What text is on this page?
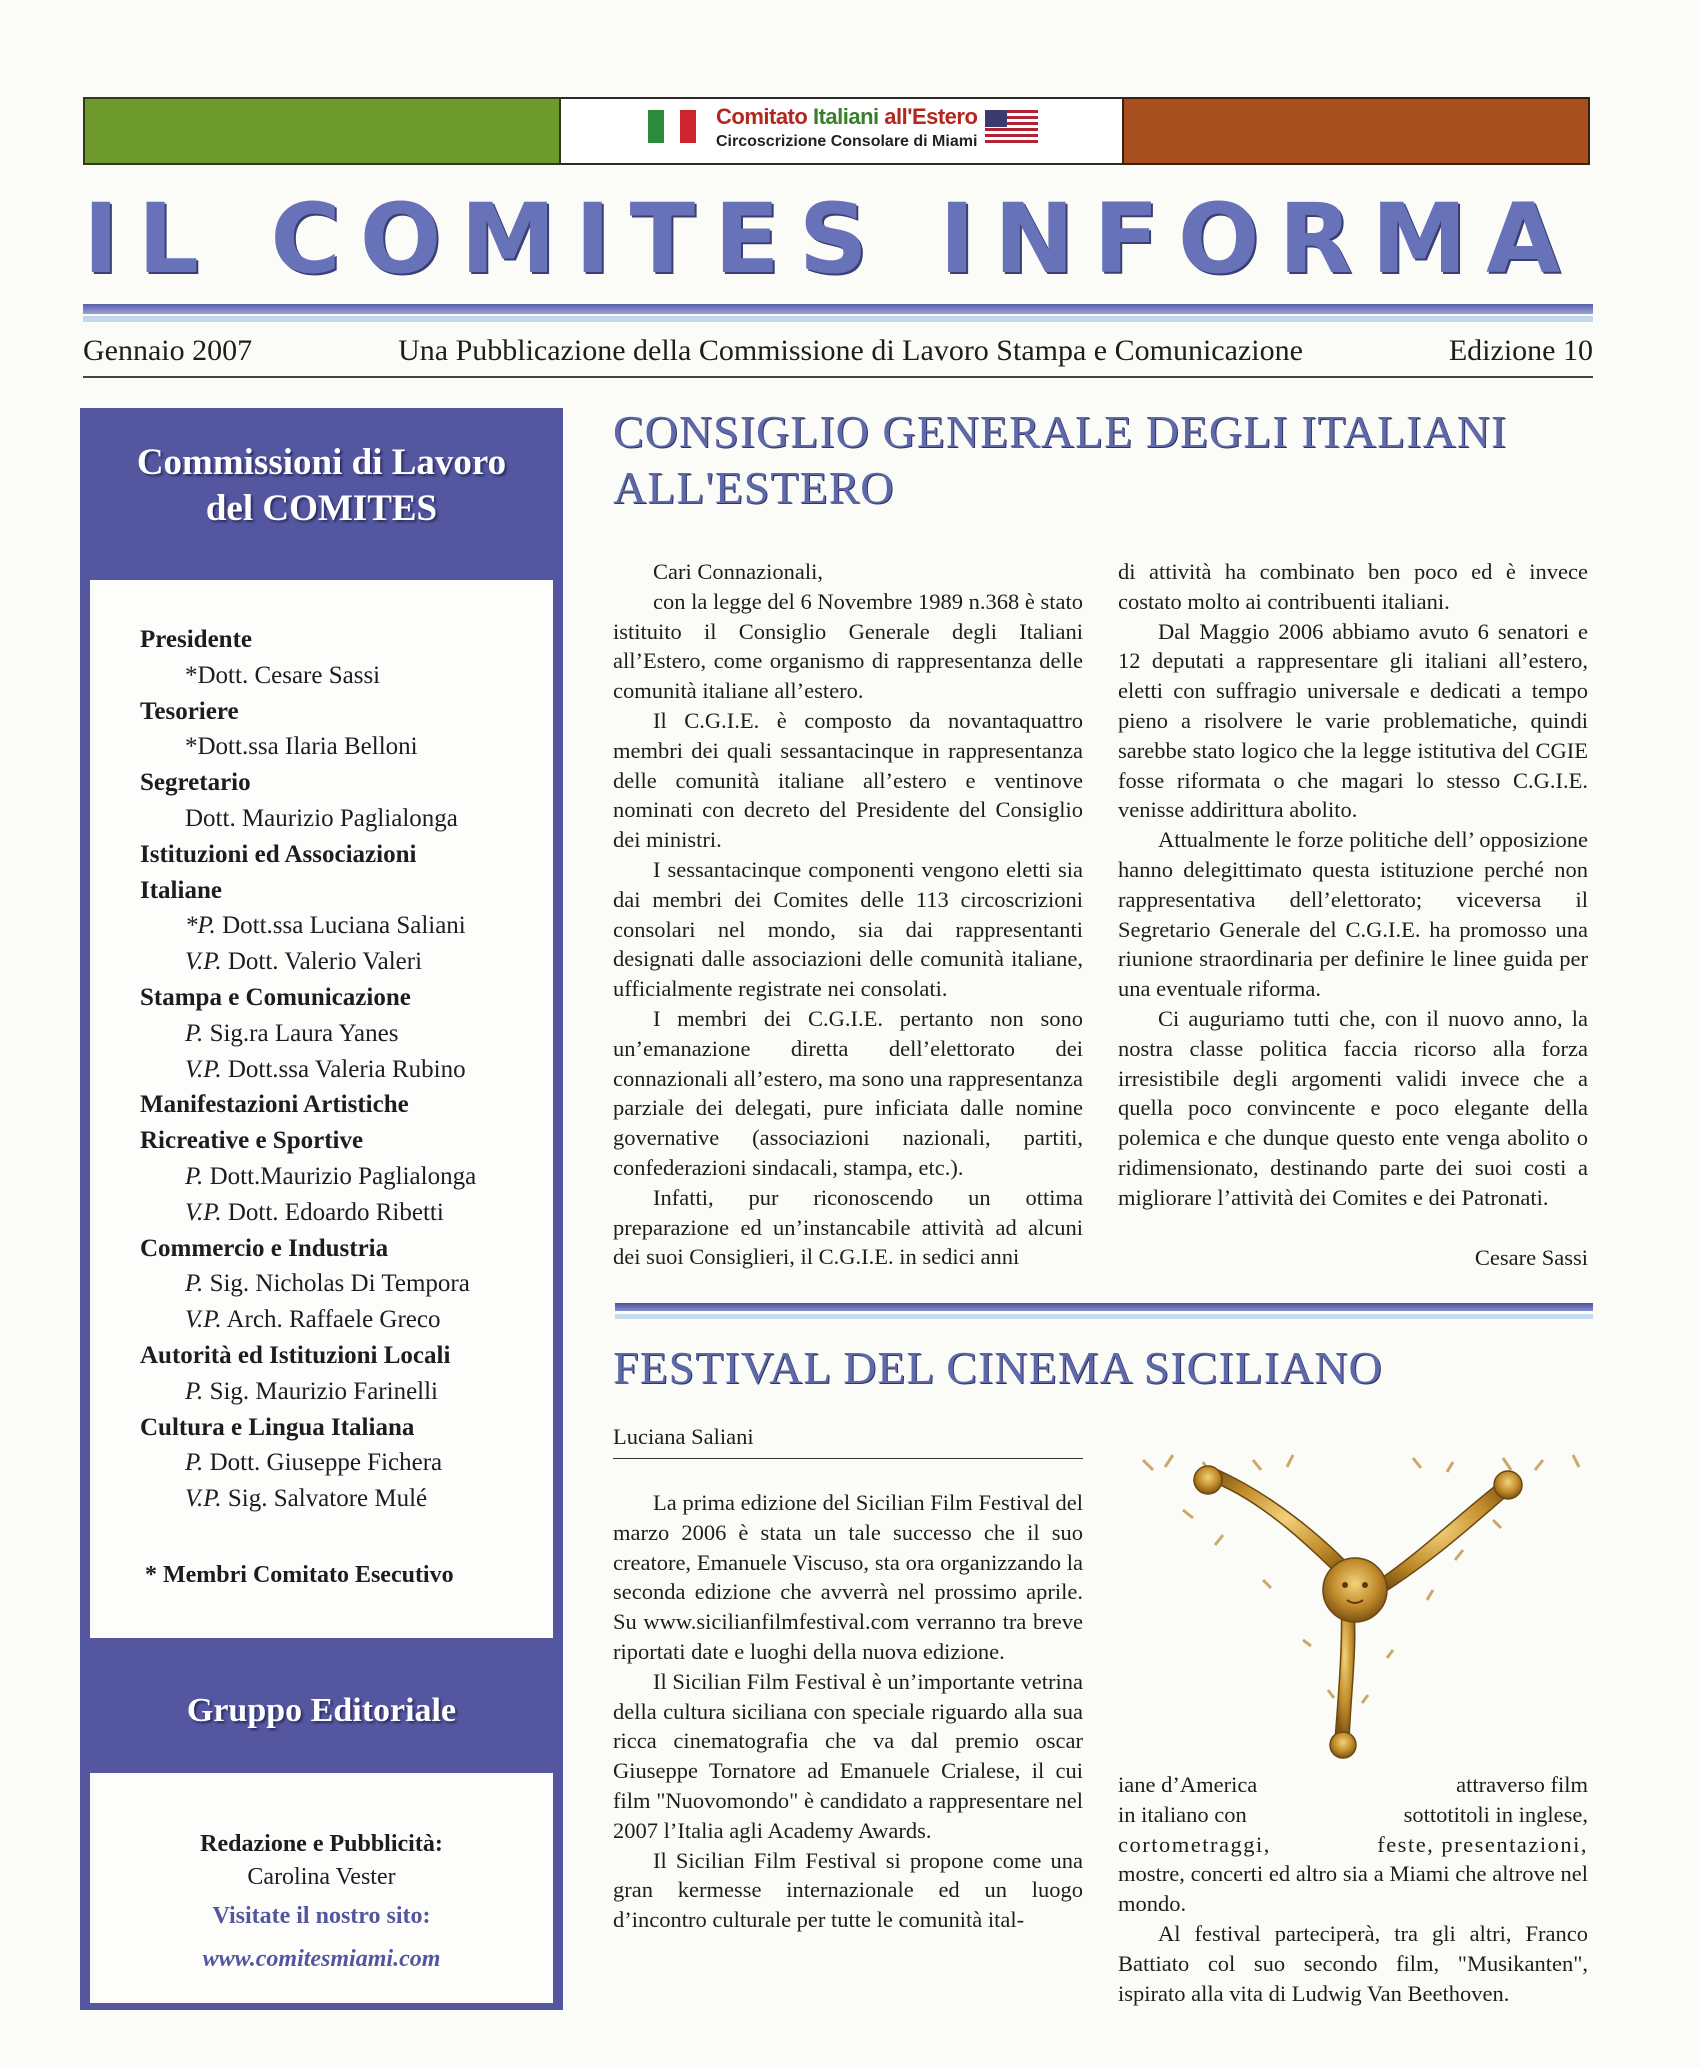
Comitato Italiani all'Estero
Circoscrizione Consolare di Miami
IL COMITES INFORMA
Gennaio 2007	Una Pubblicazione della Commissione di Lavoro Stampa e Comunicazione	Edizione 10
Commissioni di Lavoro
del COMITES
Presidente
*Dott. Cesare Sassi
Tesoriere
*Dott.ssa Ilaria Belloni
Segretario
Dott. Maurizio Paglialonga
Istituzioni ed Associazioni Italiane
*P. Dott.ssa Luciana Saliani
V.P. Dott. Valerio Valeri
Stampa e Comunicazione
P. Sig.ra Laura Yanes
V.P. Dott.ssa Valeria Rubino
Manifestazioni Artistiche Ricreative e Sportive
P. Dott.Maurizio Paglialonga
V.P. Dott. Edoardo Ribetti
Commercio e Industria
P. Sig. Nicholas Di Tempora
V.P. Arch. Raffaele Greco
Autorità ed Istituzioni Locali
P. Sig. Maurizio Farinelli
Cultura e Lingua Italiana
P. Dott. Giuseppe Fichera
V.P. Sig. Salvatore Mulé
* Membri Comitato Esecutivo
Gruppo Editoriale
Redazione e Pubblicità:
Carolina Vester
Visitate il nostro sito:
www.comitesmiami.com
CONSIGLIO GENERALE DEGLI ITALIANI
ALL'ESTERO

Cari Connazionali,

con la legge del 6 Novembre 1989 n.368 è stato istituito il Consiglio Generale degli Italiani all’Estero, come organismo di rappresentanza delle comunità italiane all’estero.

Il C.G.I.E. è composto da novantaquattro membri dei quali sessantacinque in rappresentanza delle comunità italiane all’estero e ventinove nominati con decreto del Presidente del Consiglio dei ministri.

I sessantacinque componenti vengono eletti sia dai membri dei Comites delle 113 circoscrizioni consolari nel mondo, sia dai rappresentanti designati dalle associazioni delle comunità italiane, ufficialmente registrate nei consolati.

I membri dei C.G.I.E. pertanto non sono un’emanazione diretta dell’elettorato dei connazionali all’estero, ma sono una rappresentanza parziale dei delegati, pure inficiata dalle nomine governative (associazioni nazionali, partiti, confederazioni sindacali, stampa, etc.).

Infatti, pur riconoscendo un ottima preparazione ed un’instancabile attività ad alcuni dei suoi Consiglieri, il C.G.I.E. in sedici anni

di attività ha combinato ben poco ed è invece costato molto ai contribuenti italiani.

Dal Maggio 2006 abbiamo avuto 6 senatori e 12 deputati a rappresentare gli italiani all’estero, eletti con suffragio universale e dedicati a tempo pieno a risolvere le varie problematiche, quindi sarebbe stato logico che la legge istitutiva del CGIE fosse riformata o che magari lo stesso C.G.I.E. venisse addirittura abolito.

Attualmente le forze politiche dell’ opposizione hanno delegittimato questa istituzione perché non rappresentativa dell’elettorato; viceversa il Segretario Generale del C.G.I.E. ha promosso una riunione straordinaria per definire le linee guida per una eventuale riforma.

Ci auguriamo tutti che, con il nuovo anno, la nostra classe politica faccia ricorso alla forza irresistibile degli argomenti validi invece che a quella poco convincente e poco elegante della polemica e che dunque questo ente venga abolito o ridimensionato, destinando parte dei suoi costi a migliorare l’attività dei Comites e dei Patronati.

Cesare Sassi
FESTIVAL DEL CINEMA SICILIANO
Luciana Saliani

La prima edizione del Sicilian Film Festival del marzo 2006 è stata un tale successo che il suo creatore, Emanuele Viscuso, sta ora organizzando la seconda edizione che avverrà nel prossimo aprile. Su www.sicilianfilmfestival.com verranno tra breve riportati date e luoghi della nuova edizione.

Il Sicilian Film Festival è un’importante vetrina della cultura siciliana con speciale riguardo alla sua ricca cinematografia che va dal premio oscar Giuseppe Tornatore ad Emanuele Crialese, il cui film "Nuovomondo" è candidato a rappresentare nel 2007 l’Italia agli Academy Awards.

Il Sicilian Film Festival si propone come una gran kermesse internazionale ed un luogo d’incontro culturale per tutte le comunità ital-

iane d’America	attraverso film
in italiano con	sottotitoli in inglese,
cortometraggi,	feste, presentazioni,
mostre, concerti ed altro sia a Miami che altrove nel mondo.
Al festival parteciperà, tra gli altri, Franco Battiato col suo secondo film, "Musikanten", ispirato alla vita di Ludwig Van Beethoven.
